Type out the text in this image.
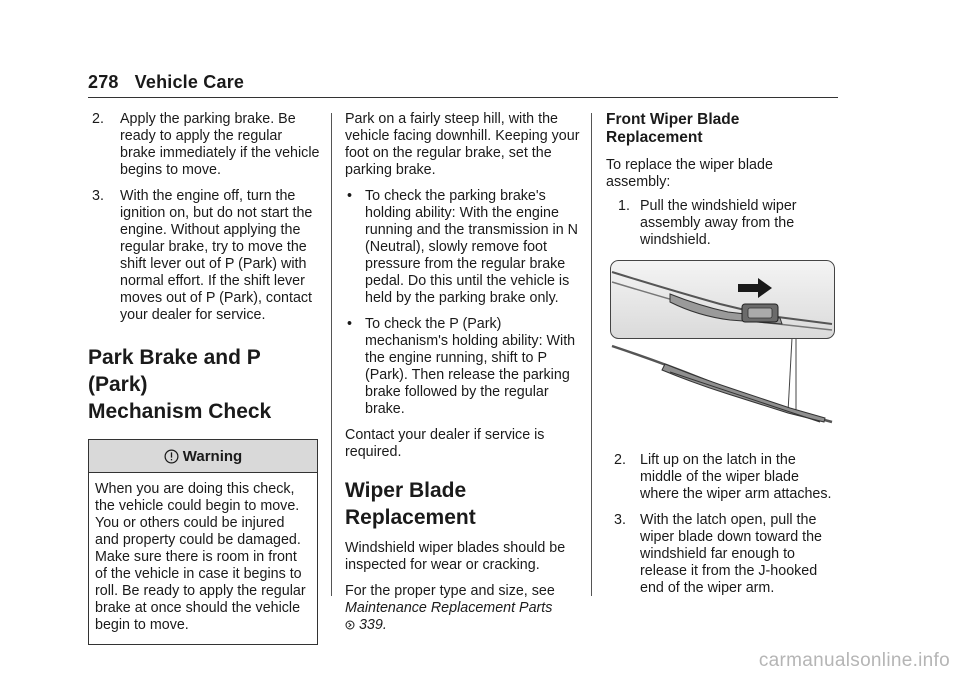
278 Vehicle Care
2. Apply the parking brake. Be ready to apply the regular brake immediately if the vehicle begins to move.
3. With the engine off, turn the ignition on, but do not start the engine. Without applying the regular brake, try to move the shift lever out of P (Park) with normal effort. If the shift lever moves out of P (Park), contact your dealer for service.
Park Brake and P (Park)
Mechanism Check
Warning
When you are doing this check, the vehicle could begin to move. You or others could be injured and property could be damaged. Make sure there is room in front of the vehicle in case it begins to roll. Be ready to apply the regular brake at once should the vehicle begin to move.
Park on a fairly steep hill, with the vehicle facing downhill. Keeping your foot on the regular brake, set the parking brake.
• To check the parking brake's holding ability: With the engine running and the transmission in N (Neutral), slowly remove foot pressure from the regular brake pedal. Do this until the vehicle is held by the parking brake only.
• To check the P (Park) mechanism's holding ability: With the engine running, shift to P (Park). Then release the parking brake followed by the regular brake.
Contact your dealer if service is required.
Wiper Blade Replacement
Windshield wiper blades should be inspected for wear or cracking.
For the proper type and size, see
Maintenance Replacement Parts
339.
Front Wiper Blade
Replacement
To replace the wiper blade assembly:
1. Pull the windshield wiper assembly away from the windshield.
2. Lift up on the latch in the middle of the wiper blade where the wiper arm attaches.
3. With the latch open, pull the wiper blade down toward the windshield far enough to release it from the J-hooked end of the wiper arm.
carmanualsonline.info
